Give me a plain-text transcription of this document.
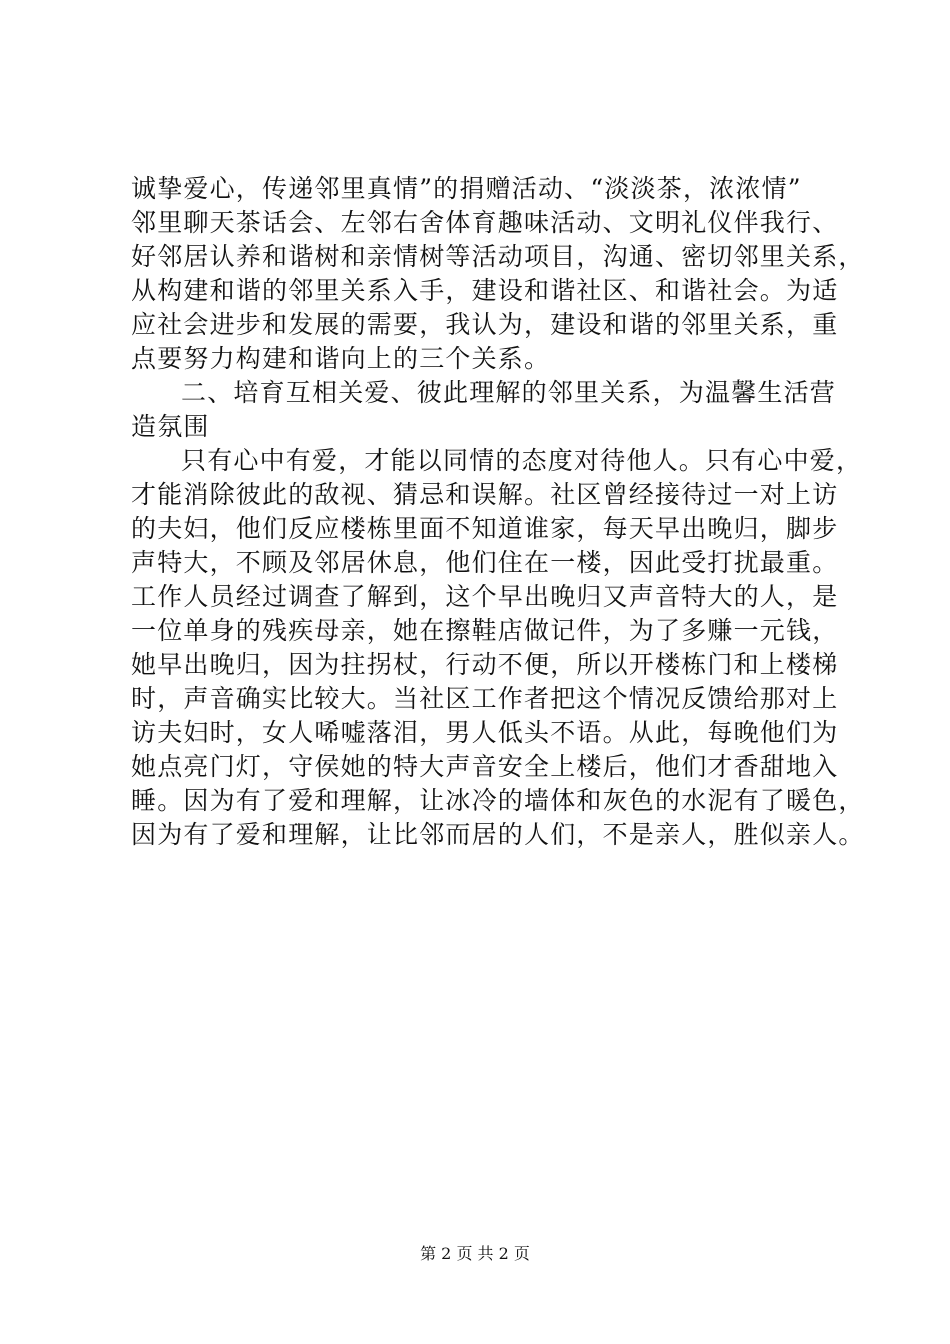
诚挚爱心，传递邻里真情”的捐赠活动、“淡淡茶，浓浓情”
邻里聊天茶话会、左邻右舍体育趣味活动、文明礼仪伴我行、
好邻居认养和谐树和亲情树等活动项目，沟通、密切邻里关系，
从构建和谐的邻里关系入手，建设和谐社区、和谐社会。为适
应社会进步和发展的需要，我认为，建设和谐的邻里关系，重
点要努力构建和谐向上的三个关系。
二、培育互相关爱、彼此理解的邻里关系，为温馨生活营
造氛围
只有心中有爱，才能以同情的态度对待他人。只有心中爱，
才能消除彼此的敌视、猜忌和误解。社区曾经接待过一对上访
的夫妇，他们反应楼栋里面不知道谁家，每天早出晚归，脚步
声特大，不顾及邻居休息，他们住在一楼，因此受打扰最重。
工作人员经过调查了解到，这个早出晚归又声音特大的人，是
一位单身的残疾母亲，她在擦鞋店做记件，为了多赚一元钱，
她早出晚归，因为拄拐杖，行动不便，所以开楼栋门和上楼梯
时，声音确实比较大。当社区工作者把这个情况反馈给那对上
访夫妇时，女人唏嘘落泪，男人低头不语。从此，每晚他们为
她点亮门灯，守侯她的特大声音安全上楼后，他们才香甜地入
睡。因为有了爱和理解，让冰冷的墙体和灰色的水泥有了暖色，
因为有了爱和理解，让比邻而居的人们，不是亲人，胜似亲人。
第 2 页 共 2 页
